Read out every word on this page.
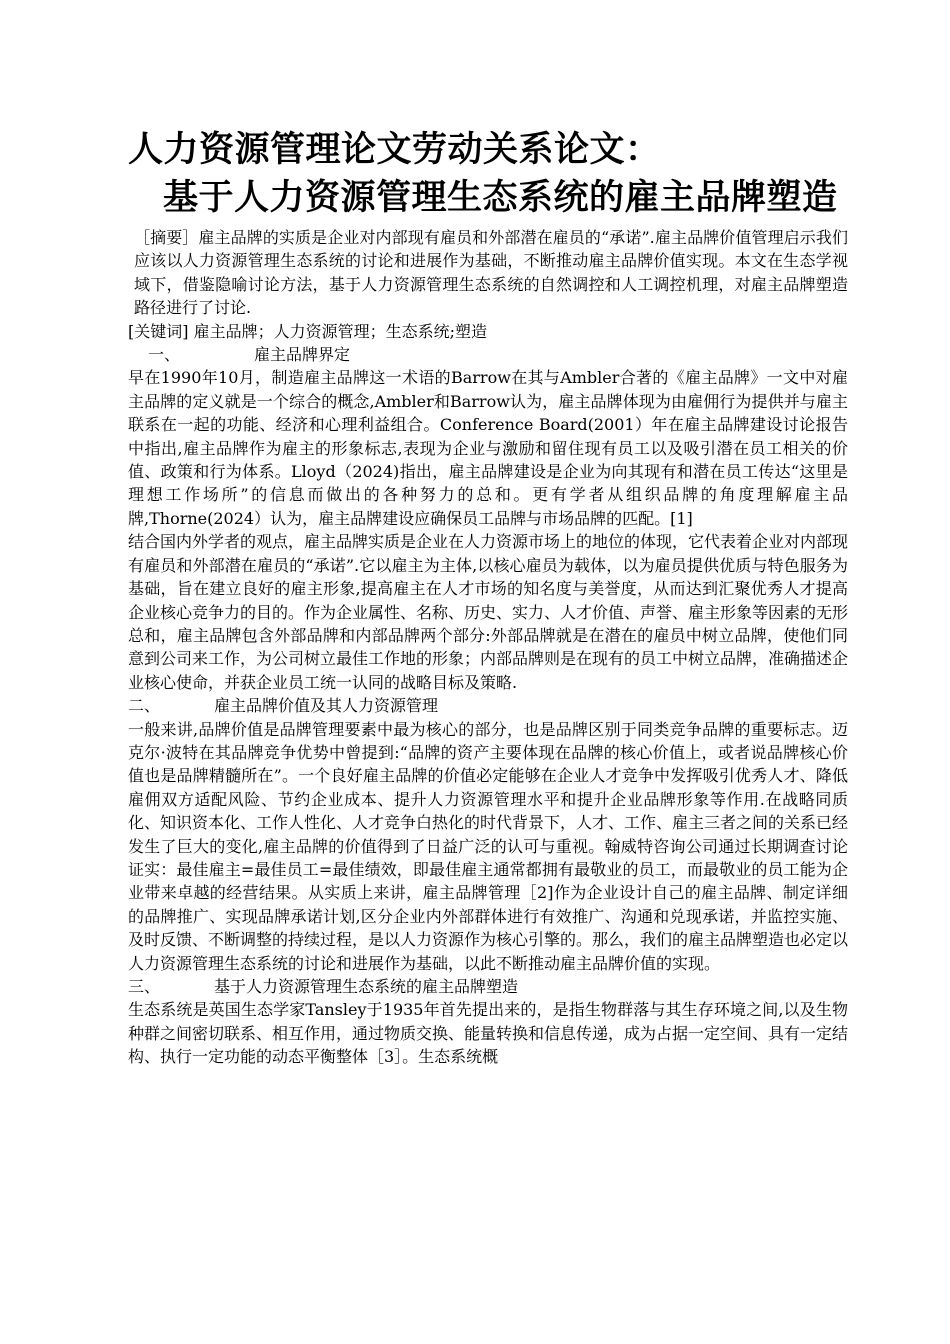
人力资源管理论文劳动关系论文：
基于人力资源管理生态系统的雇主品牌塑造

［摘要］雇主品牌的实质是企业对内部现有雇员和外部潜在雇员的“承诺”.雇主品牌价值管理启示我们应该以人力资源管理生态系统的讨论和进展作为基础，不断推动雇主品牌价值实现。本文在生态学视域下，借鉴隐喻讨论方法，基于人力资源管理生态系统的自然调控和人工调控机理，对雇主品牌塑造路径进行了讨论.

[关键词] 雇主品牌；人力资源管理；生态系统;塑造

一、	雇主品牌界定

早在1990年10月，制造雇主品牌这一术语的Barrow在其与Ambler合著的《雇主品牌》一文中对雇主品牌的定义就是一个综合的概念,Ambler和Barrow认为，雇主品牌体现为由雇佣行为提供并与雇主联系在一起的功能、经济和心理利益组合。Conference Board(2001）年在雇主品牌建设讨论报告中指出,雇主品牌作为雇主的形象标志,表现为企业与激励和留住现有员工以及吸引潜在员工相关的价值、政策和行为体系。Lloyd（2024)指出，雇主品牌建设是企业为向其现有和潜在员工传达“这里是理想工作场所”的信息而做出的各种努力的总和。更有学者从组织品牌的角度理解雇主品牌,Thorne(2024）认为，雇主品牌建设应确保员工品牌与市场品牌的匹配。[1]

结合国内外学者的观点，雇主品牌实质是企业在人力资源市场上的地位的体现，它代表着企业对内部现有雇员和外部潜在雇员的“承诺”.它以雇主为主体,以核心雇员为载体，以为雇员提供优质与特色服务为基础，旨在建立良好的雇主形象,提高雇主在人才市场的知名度与美誉度，从而达到汇聚优秀人才提高企业核心竞争力的目的。作为企业属性、名称、历史、实力、人才价值、声誉、雇主形象等因素的无形总和，雇主品牌包含外部品牌和内部品牌两个部分:外部品牌就是在潜在的雇员中树立品牌，使他们同意到公司来工作，为公司树立最佳工作地的形象；内部品牌则是在现有的员工中树立品牌，准确描述企业核心使命，并获企业员工统一认同的战略目标及策略.

二、	雇主品牌价值及其人力资源管理

一般来讲,品牌价值是品牌管理要素中最为核心的部分，也是品牌区别于同类竞争品牌的重要标志。迈克尔·波特在其品牌竞争优势中曾提到:“品牌的资产主要体现在品牌的核心价值上，或者说品牌核心价值也是品牌精髓所在”。一个良好雇主品牌的价值必定能够在企业人才竞争中发挥吸引优秀人才、降低雇佣双方适配风险、节约企业成本、提升人力资源管理水平和提升企业品牌形象等作用.在战略同质化、知识资本化、工作人性化、人才竞争白热化的时代背景下，人才、工作、雇主三者之间的关系已经发生了巨大的变化,雇主品牌的价值得到了日益广泛的认可与重视。翰威特咨询公司通过长期调查讨论证实：最佳雇主=最佳员工=最佳绩效，即最佳雇主通常都拥有最敬业的员工，而最敬业的员工能为企业带来卓越的经营结果。从实质上来讲，雇主品牌管理［2]作为企业设计自己的雇主品牌、制定详细的品牌推广、实现品牌承诺计划,区分企业内外部群体进行有效推广、沟通和兑现承诺，并监控实施、及时反馈、不断调整的持续过程，是以人力资源作为核心引擎的。那么，我们的雇主品牌塑造也必定以人力资源管理生态系统的讨论和进展作为基础，以此不断推动雇主品牌价值的实现。

三、	基于人力资源管理生态系统的雇主品牌塑造

生态系统是英国生态学家Tansley于1935年首先提出来的，是指生物群落与其生存环境之间,以及生物种群之间密切联系、相互作用，通过物质交换、能量转换和信息传递，成为占据一定空间、具有一定结构、执行一定功能的动态平衡整体［3］。生态系统概
